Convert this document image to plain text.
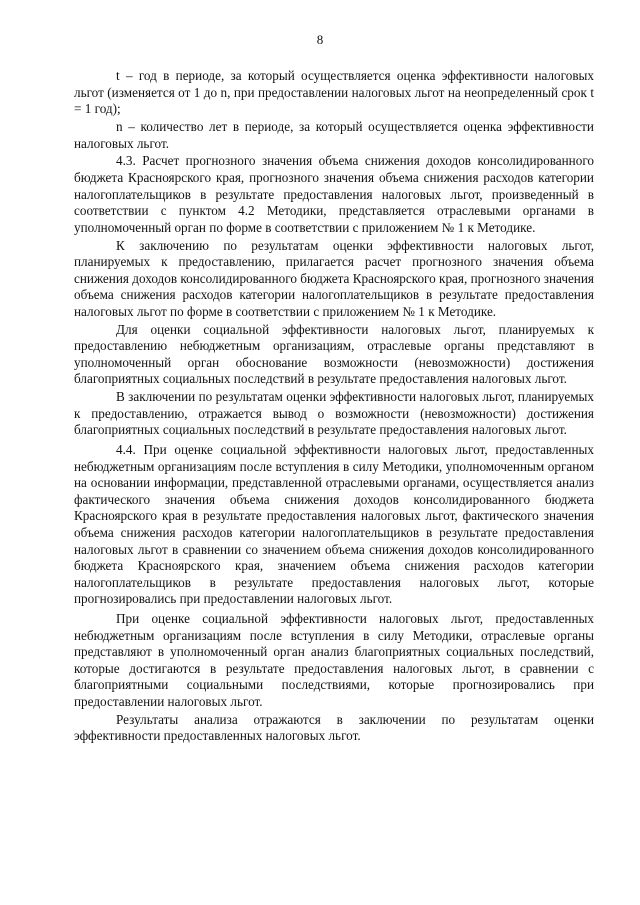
8

t – год в периоде, за который осуществляется оценка эффективности налоговых льгот (изменяется от 1 до n, при предоставлении налоговых льгот на неопределенный срок t = 1 год);

n – количество лет в периоде, за который осуществляется оценка эффективности налоговых льгот.

4.3. Расчет прогнозного значения объема снижения доходов консолидированного бюджета Красноярского края, прогнозного значения объема снижения расходов категории налогоплательщиков в результате предоставления налоговых льгот, произведенный в соответствии с пунктом 4.2 Методики, представляется отраслевыми органами в уполномоченный орган по форме в соответствии с приложением № 1 к Методике.

К заключению по результатам оценки эффективности налоговых льгот, планируемых к предоставлению, прилагается расчет прогнозного значения объема снижения доходов консолидированного бюджета Красноярского края, прогнозного значения объема снижения расходов категории налогоплательщиков в результате предоставления налоговых льгот по форме в соответствии с приложением № 1 к Методике.

Для оценки социальной эффективности налоговых льгот, планируемых к предоставлению небюджетным организациям, отраслевые органы представляют в уполномоченный орган обоснование возможности (невозможности) достижения благоприятных социальных последствий в результате предоставления налоговых льгот.

В заключении по результатам оценки эффективности налоговых льгот, планируемых к предоставлению, отражается вывод о возможности (невозможности) достижения благоприятных социальных последствий в результате предоставления налоговых льгот.

4.4. При оценке социальной эффективности налоговых льгот, предоставленных небюджетным организациям после вступления в силу Методики, уполномоченным органом на основании информации, представленной отраслевыми органами, осуществляется анализ фактического значения объема снижения доходов консолидированного бюджета Красноярского края в результате предоставления налоговых льгот, фактического значения объема снижения расходов категории налогоплательщиков в результате предоставления налоговых льгот в сравнении со значением объема снижения доходов консолидированного бюджета Красноярского края, значением объема снижения расходов категории налогоплательщиков в результате предоставления налоговых льгот, которые прогнозировались при предоставлении налоговых льгот.

При оценке социальной эффективности налоговых льгот, предоставленных небюджетным организациям после вступления в силу Методики, отраслевые органы представляют в уполномоченный орган анализ благоприятных социальных последствий, которые достигаются в результате предоставления налоговых льгот, в сравнении с благоприятными социальными последствиями, которые прогнозировались при предоставлении налоговых льгот.

Результаты анализа отражаются в заключении по результатам оценки эффективности предоставленных налоговых льгот.
